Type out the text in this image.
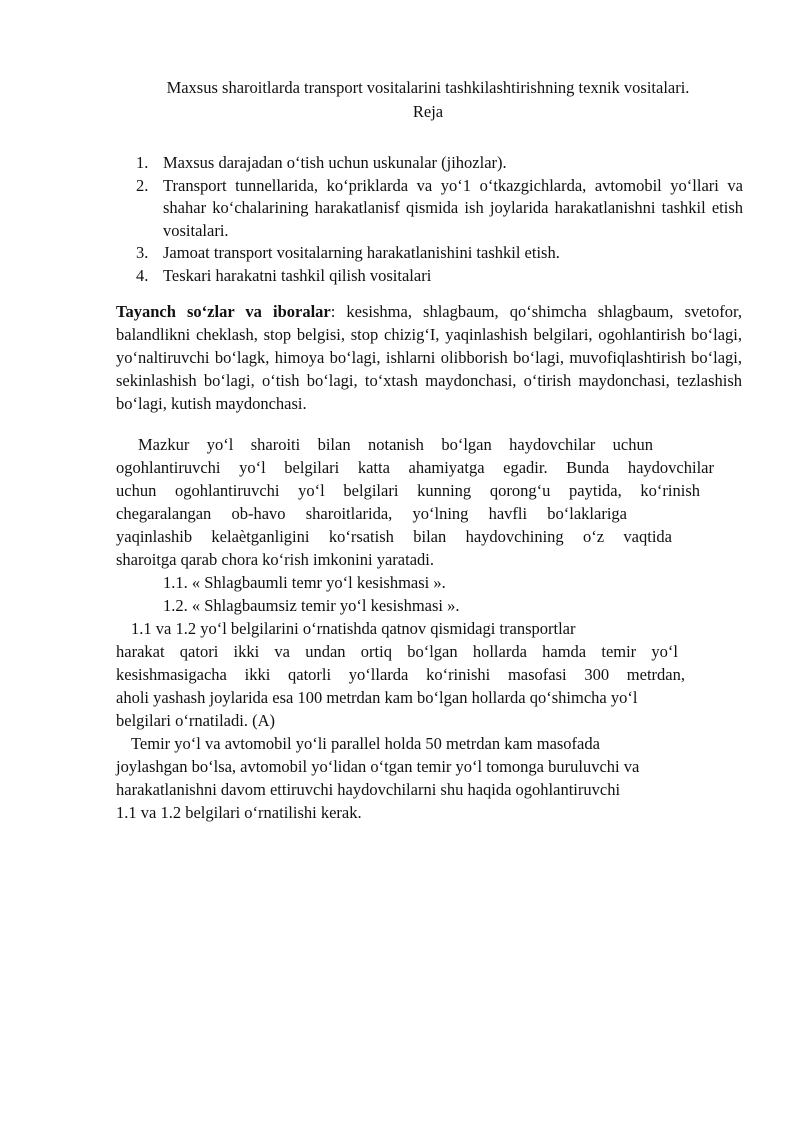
Maxsus sharoitlarda transport vositalarini tashkilashtirishning texnik vositalari.
Reja
1. Maxsus darajadan o‘tish uchun uskunalar (jihozlar).
2. Transport tunnellarida, ko‘priklarda va yo‘1 o‘tkazgichlarda, avtomobil yo‘llari va shahar ko‘chalarining harakatlanisf qismida ish joylarida harakatlanishni tashkil etish vositalari.
3. Jamoat transport vositalarning harakatlanishini tashkil etish.
4. Teskari harakatni tashkil qilish vositalari

Tayanch so‘zlar va iboralar: kesishma, shlagbaum, qo‘shimcha shlagbaum, svetofor, balandlikni cheklash, stop belgisi, stop chizig‘I, yaqinlashish belgilari, ogohlantirish bo‘lagi, yo‘naltiruvchi bo‘lagk, himoya bo‘lagi, ishlarni olibborish bo‘lagi, muvofiqlashtirish bo‘lagi, sekinlashish bo‘lagi, o‘tish bo‘lagi, to‘xtash maydonchasi, o‘tirish maydonchasi, tezlashish bo‘lagi, kutish maydonchasi.

Mazkur yo‘l sharoiti bilan notanish bo‘lgan haydovchilar uchun
ogohlantiruvchi yo‘l belgilari katta ahamiyatga egadir. Bunda haydovchilar
uchun ogohlantiruvchi yo‘l belgilari kunning qorong‘u paytida, ko‘rinish
chegaralangan ob-havo sharoitlarida, yo‘lning havfli bo‘laklariga
yaqinlashib kelaètganligini ko‘rsatish bilan haydovchining o‘z vaqtida
sharoitga qarab chora ko‘rish imkonini yaratadi.
1.1. « Shlagbaumli temr yo‘l kesishmasi ».
1.2. « Shlagbaumsiz temir yo‘l kesishmasi ».
1.1 va 1.2 yo‘l belgilarini o‘rnatishda qatnov qismidagi transportlar
harakat qatori ikki va undan ortiq bo‘lgan hollarda hamda temir yo‘l
kesishmasigacha ikki qatorli yo‘llarda ko‘rinishi masofasi 300 metrdan,
aholi yashash joylarida esa 100 metrdan kam bo‘lgan hollarda qo‘shimcha yo‘l
belgilari o‘rnatiladi. (A)
Temir yo‘l va avtomobil yo‘li parallel holda 50 metrdan kam masofada
joylashgan bo‘lsa, avtomobil yo‘lidan o‘tgan temir yo‘l tomonga buruluvchi va
harakatlanishni davom ettiruvchi haydovchilarni shu haqida ogohlantiruvchi
1.1 va 1.2 belgilari o‘rnatilishi kerak.
